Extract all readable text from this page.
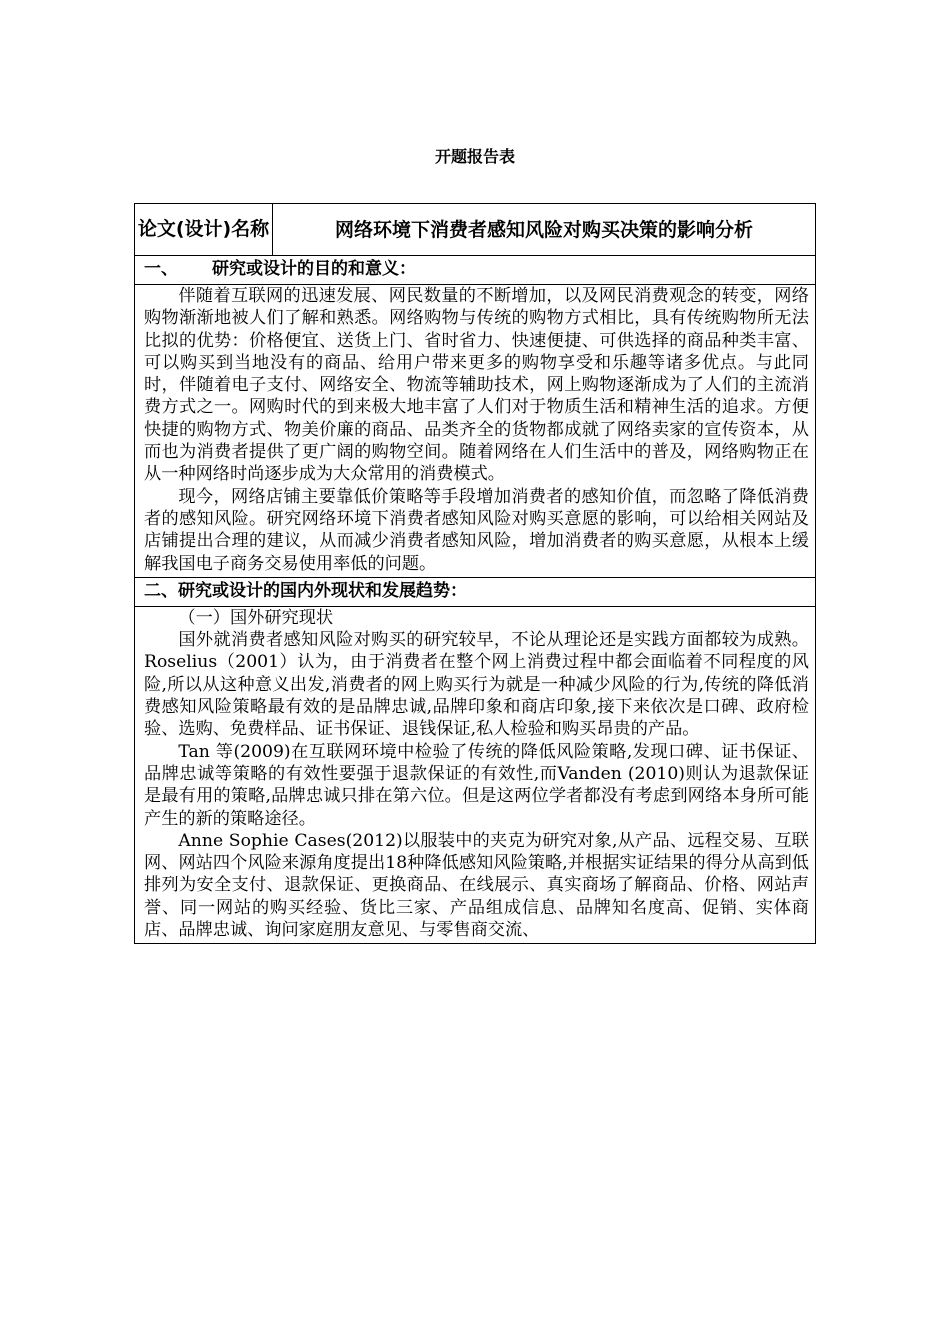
开题报告表
论文(设计)名称	网络环境下消费者感知风险对购买决策的影响分析

一、 研究或设计的目的和意义：

伴随着互联网的迅速发展、网民数量的不断增加，以及网民消费观念的转变，网络购物渐渐地被人们了解和熟悉。网络购物与传统的购物方式相比，具有传统购物所无法比拟的优势：价格便宜、送货上门、省时省力、快速便捷、可供选择的商品种类丰富、可以购买到当地没有的商品、给用户带来更多的购物享受和乐趣等诸多优点。与此同时，伴随着电子支付、网络安全、物流等辅助技术，网上购物逐渐成为了人们的主流消费方式之一。网购时代的到来极大地丰富了人们对于物质生活和精神生活的追求。方便快捷的购物方式、物美价廉的商品、品类齐全的货物都成就了网络卖家的宣传资本，从而也为消费者提供了更广阔的购物空间。随着网络在人们生活中的普及，网络购物正在从一种网络时尚逐步成为大众常用的消费模式。

现今，网络店铺主要靠低价策略等手段增加消费者的感知价值，而忽略了降低消费者的感知风险。研究网络环境下消费者感知风险对购买意愿的影响，可以给相关网站及店铺提出合理的建议，从而减少消费者感知风险，增加消费者的购买意愿，从根本上缓解我国电子商务交易使用率低的问题。

二、研究或设计的国内外现状和发展趋势：

（一）国外研究现状

国外就消费者感知风险对购买的研究较早，不论从理论还是实践方面都较为成熟。Roselius（2001）认为，由于消费者在整个网上消费过程中都会面临着不同程度的风险,所以从这种意义出发,消费者的网上购买行为就是一种减少风险的行为,传统的降低消费感知风险策略最有效的是品牌忠诚,品牌印象和商店印象,接下来依次是口碑、政府检验、选购、免费样品、证书保证、退钱保证,私人检验和购买昂贵的产品。

Tan 等(2009)在互联网环境中检验了传统的降低风险策略,发现口碑、证书保证、品牌忠诚等策略的有效性要强于退款保证的有效性,而Vanden (2010)则认为退款保证是最有用的策略,品牌忠诚只排在第六位。但是这两位学者都没有考虑到网络本身所可能产生的新的策略途径。

Anne Sophie Cases(2012)以服装中的夹克为研究对象,从产品、远程交易、互联网、网站四个风险来源角度提出18种降低感知风险策略,并根据实证结果的得分从高到低排列为安全支付、退款保证、更换商品、在线展示、真实商场了解商品、价格、网站声誉、同一网站的购买经验、货比三家、产品组成信息、品牌知名度高、促销、实体商店、品牌忠诚、询问家庭朋友意见、与零售商交流、
